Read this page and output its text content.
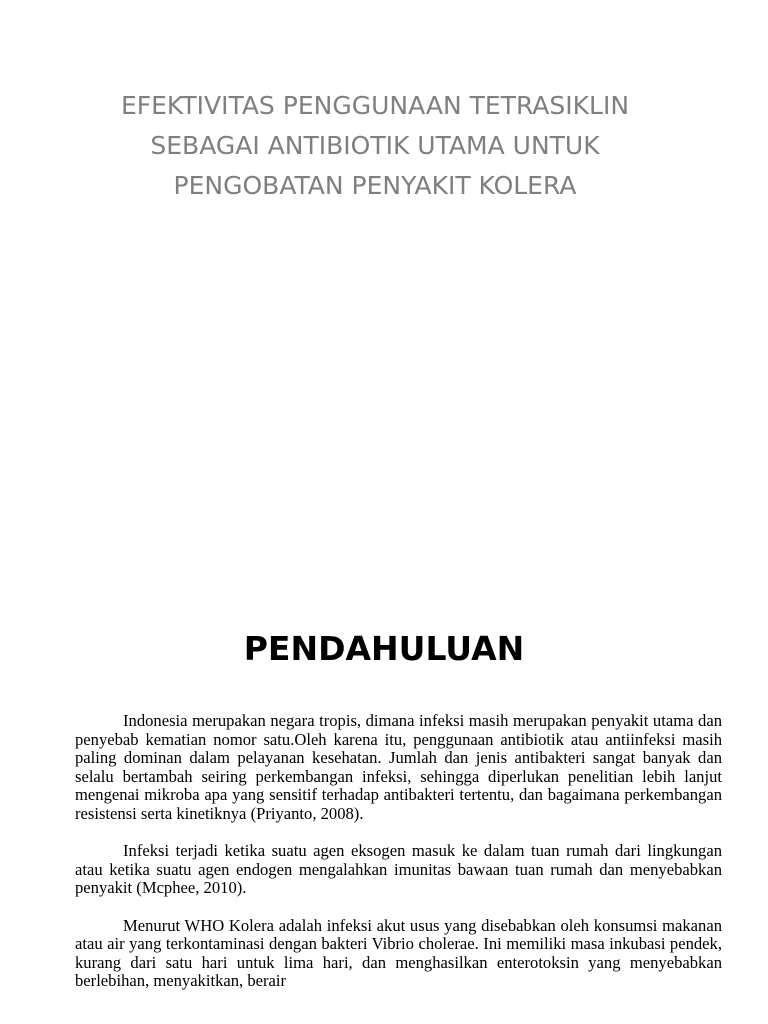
EFEKTIVITAS PENGGUNAAN TETRASIKLIN
SEBAGAI ANTIBIOTIK UTAMA UNTUK
PENGOBATAN PENYAKIT KOLERA
PENDAHULUAN

Indonesia merupakan negara tropis, dimana infeksi masih merupakan penyakit utama dan penyebab kematian nomor satu.Oleh karena itu, penggunaan antibiotik atau antiinfeksi masih paling dominan dalam pelayanan kesehatan. Jumlah dan jenis antibakteri sangat banyak dan selalu bertambah seiring perkembangan infeksi, sehingga diperlukan penelitian lebih lanjut mengenai mikroba apa yang sensitif terhadap antibakteri tertentu, dan bagaimana perkembangan resistensi serta kinetiknya (Priyanto, 2008).

Infeksi terjadi ketika suatu agen eksogen masuk ke dalam tuan rumah dari lingkungan atau ketika suatu agen endogen mengalahkan imunitas bawaan tuan rumah dan menyebabkan penyakit (Mcphee, 2010).

Menurut WHO Kolera adalah infeksi akut usus yang disebabkan oleh konsumsi makanan atau air yang terkontaminasi dengan bakteri Vibrio cholerae. Ini memiliki masa inkubasi pendek, kurang dari satu hari untuk lima hari, dan menghasilkan enterotoksin yang menyebabkan berlebihan, menyakitkan, berair
